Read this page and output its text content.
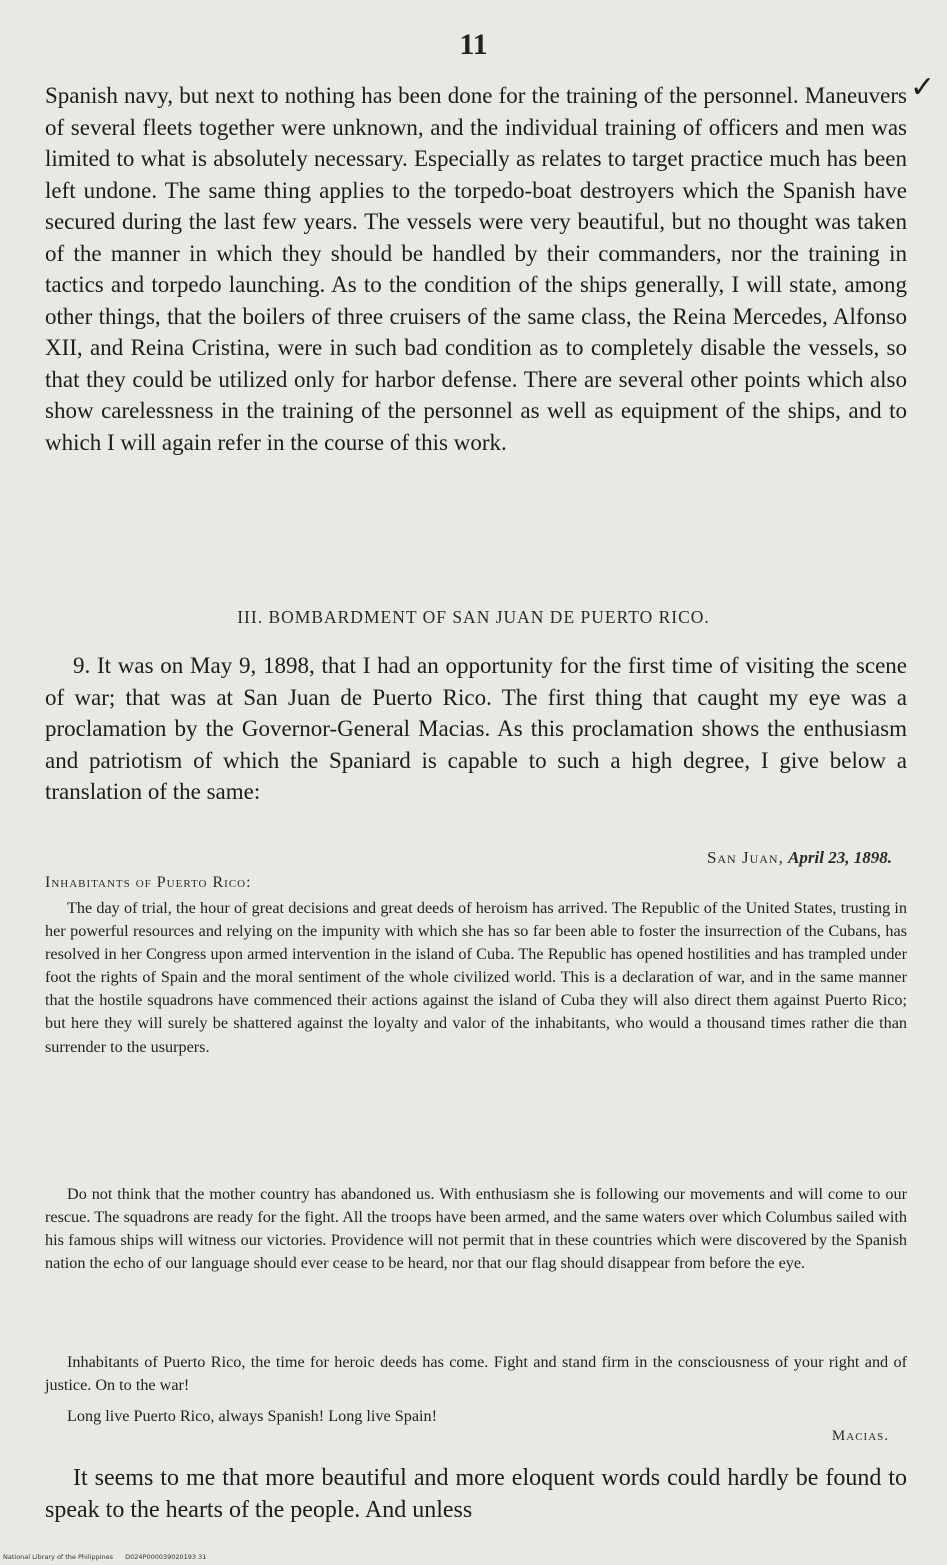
11
✓
Spanish navy, but next to nothing has been done for the training of the personnel. Maneuvers of several fleets together were unknown, and the individual training of officers and men was limited to what is absolutely necessary. Especially as relates to target practice much has been left undone. The same thing applies to the torpedo-boat destroyers which the Spanish have secured during the last few years. The vessels were very beautiful, but no thought was taken of the manner in which they should be handled by their commanders, nor the training in tactics and torpedo launching. As to the condition of the ships generally, I will state, among other things, that the boilers of three cruisers of the same class, the Reina Mercedes, Alfonso XII, and Reina Cristina, were in such bad condition as to completely disable the vessels, so that they could be utilized only for harbor defense. There are several other points which also show carelessness in the training of the personnel as well as equipment of the ships, and to which I will again refer in the course of this work.
III. BOMBARDMENT OF SAN JUAN DE PUERTO RICO.
9. It was on May 9, 1898, that I had an opportunity for the first time of visiting the scene of war; that was at San Juan de Puerto Rico. The first thing that caught my eye was a proclamation by the Governor-General Macias. As this proclamation shows the enthusiasm and patriotism of which the Spaniard is capable to such a high degree, I give below a translation of the same:
San Juan, April 23, 1898.
Inhabitants of Puerto Rico:

The day of trial, the hour of great decisions and great deeds of heroism has arrived. The Republic of the United States, trusting in her powerful resources and relying on the impunity with which she has so far been able to foster the insurrection of the Cubans, has resolved in her Congress upon armed intervention in the island of Cuba. The Republic has opened hostilities and has trampled under foot the rights of Spain and the moral sentiment of the whole civilized world. This is a declaration of war, and in the same manner that the hostile squadrons have commenced their actions against the island of Cuba they will also direct them against Puerto Rico; but here they will surely be shattered against the loyalty and valor of the inhabitants, who would a thousand times rather die than surrender to the usurpers.

Do not think that the mother country has abandoned us. With enthusiasm she is following our movements and will come to our rescue. The squadrons are ready for the fight. All the troops have been armed, and the same waters over which Columbus sailed with his famous ships will witness our victories. Providence will not permit that in these countries which were discovered by the Spanish nation the echo of our language should ever cease to be heard, nor that our flag should disappear from before the eye.

Inhabitants of Puerto Rico, the time for heroic deeds has come. Fight and stand firm in the consciousness of your right and of justice. On to the war!

Long live Puerto Rico, always Spanish! Long live Spain!

Macias.
It seems to me that more beautiful and more eloquent words could hardly be found to speak to the hearts of the people. And unless
National Library of the Philippines D024P000039020193 31
